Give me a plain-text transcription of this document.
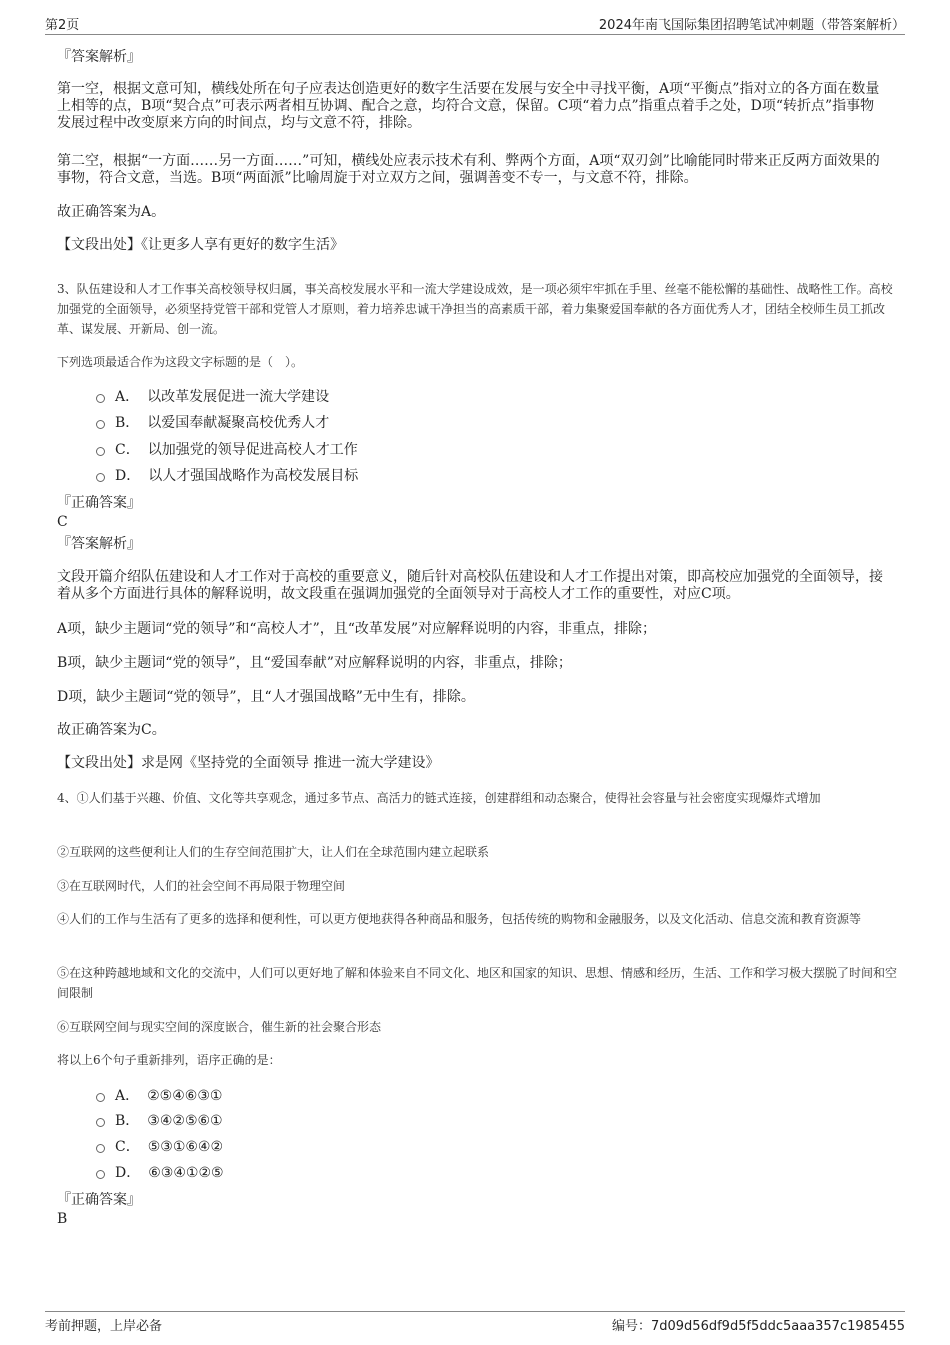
第2页	2024年南飞国际集团招聘笔试冲刺题（带答案解析）

『答案解析』

第一空，根据文意可知，横线处所在句子应表达创造更好的数字生活要在发展与安全中寻找平衡，A项“平衡点”指对立的各方面在数量上相等的点，B项“契合点”可表示两者相互协调、配合之意，均符合文意，保留。C项“着力点”指重点着手之处，D项“转折点”指事物发展过程中改变原来方向的时间点，均与文意不符，排除。

第二空，根据“一方面……另一方面……”可知，横线处应表示技术有利、弊两个方面，A项“双刃剑”比喻能同时带来正反两方面效果的事物，符合文意，当选。B项“两面派”比喻周旋于对立双方之间，强调善变不专一，与文意不符，排除。

故正确答案为A。

【文段出处】《让更多人享有更好的数字生活》

3、队伍建设和人才工作事关高校领导权归属，事关高校发展水平和一流大学建设成效，是一项必须牢牢抓在手里、丝毫不能松懈的基础性、战略性工作。高校加强党的全面领导，必须坚持党管干部和党管人才原则，着力培养忠诚干净担当的高素质干部，着力集聚爱国奉献的各方面优秀人才，团结全校师生员工抓改革、谋发展、开新局、创一流。

下列选项最适合作为这段文字标题的是（　）。

A． 以改革发展促进一流大学建设
B． 以爱国奉献凝聚高校优秀人才
C． 以加强党的领导促进高校人才工作
D． 以人才强国战略作为高校发展目标

『正确答案』

C

『答案解析』

文段开篇介绍队伍建设和人才工作对于高校的重要意义，随后针对高校队伍建设和人才工作提出对策，即高校应加强党的全面领导，接着从多个方面进行具体的解释说明，故文段重在强调加强党的全面领导对于高校人才工作的重要性，对应C项。

A项，缺少主题词“党的领导”和“高校人才”，且“改革发展”对应解释说明的内容，非重点，排除；

B项，缺少主题词“党的领导”，且“爱国奉献”对应解释说明的内容，非重点，排除；

D项，缺少主题词“党的领导”，且“人才强国战略”无中生有，排除。

故正确答案为C。

【文段出处】求是网《坚持党的全面领导 推进一流大学建设》

4、①人们基于兴趣、价值、文化等共享观念，通过多节点、高活力的链式连接，创建群组和动态聚合，使得社会容量与社会密度实现爆炸式增加

②互联网的这些便利让人们的生存空间范围扩大，让人们在全球范围内建立起联系

③在互联网时代，人们的社会空间不再局限于物理空间

④人们的工作与生活有了更多的选择和便利性，可以更方便地获得各种商品和服务，包括传统的购物和金融服务，以及文化活动、信息交流和教育资源等

⑤在这种跨越地域和文化的交流中，人们可以更好地了解和体验来自不同文化、地区和国家的知识、思想、情感和经历，生活、工作和学习极大摆脱了时间和空间限制

⑥互联网空间与现实空间的深度嵌合，催生新的社会聚合形态

将以上6个句子重新排列，语序正确的是：

A． ②⑤④⑥③①
B． ③④②⑤⑥①
C． ⑤③①⑥④②
D． ⑥③④①②⑤

『正确答案』

B

考前押题，上岸必备	编号：7d09d56df9d5f5ddc5aaa357c1985455
